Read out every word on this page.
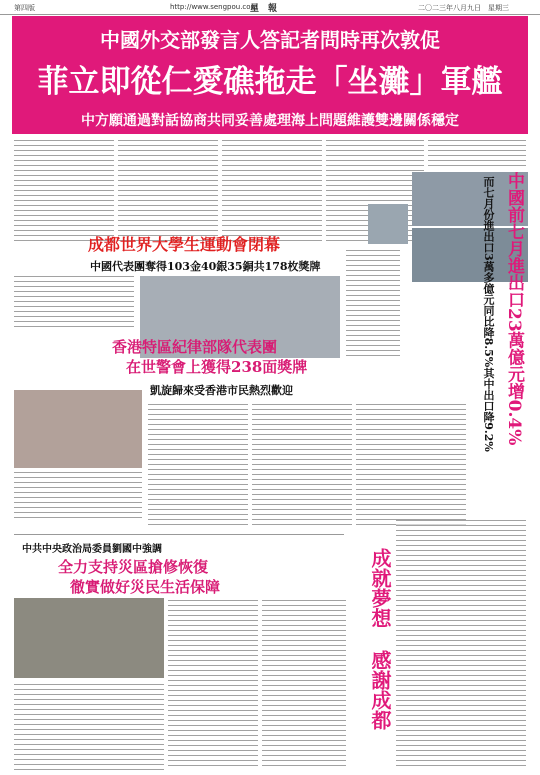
第四版	http://www.sengpou.com
星　報	二〇二三年八月九日　星期三
中國外交部發言人答記者問時再次敦促
菲立即從仁愛礁拖走「坐灘」軍艦
中方願通過對話協商共同妥善處理海上問題維護雙邊關係穩定
成都世界大學生運動會閉幕
中國代表團奪得103金40銀35銅共178枚獎牌	中國前七月進出口23萬億元增0.4%
而七月份進出口3萬多億元同比降8.5%其中出口降9.2%
香港特區紀律部隊代表團
在世警會上獲得238面獎牌
凱旋歸來受香港市民熱烈歡迎
中共中央政治局委員劉國中強調
全力支持災區搶修恢復
徹實做好災民生活保障	成就夢想
感謝成都
